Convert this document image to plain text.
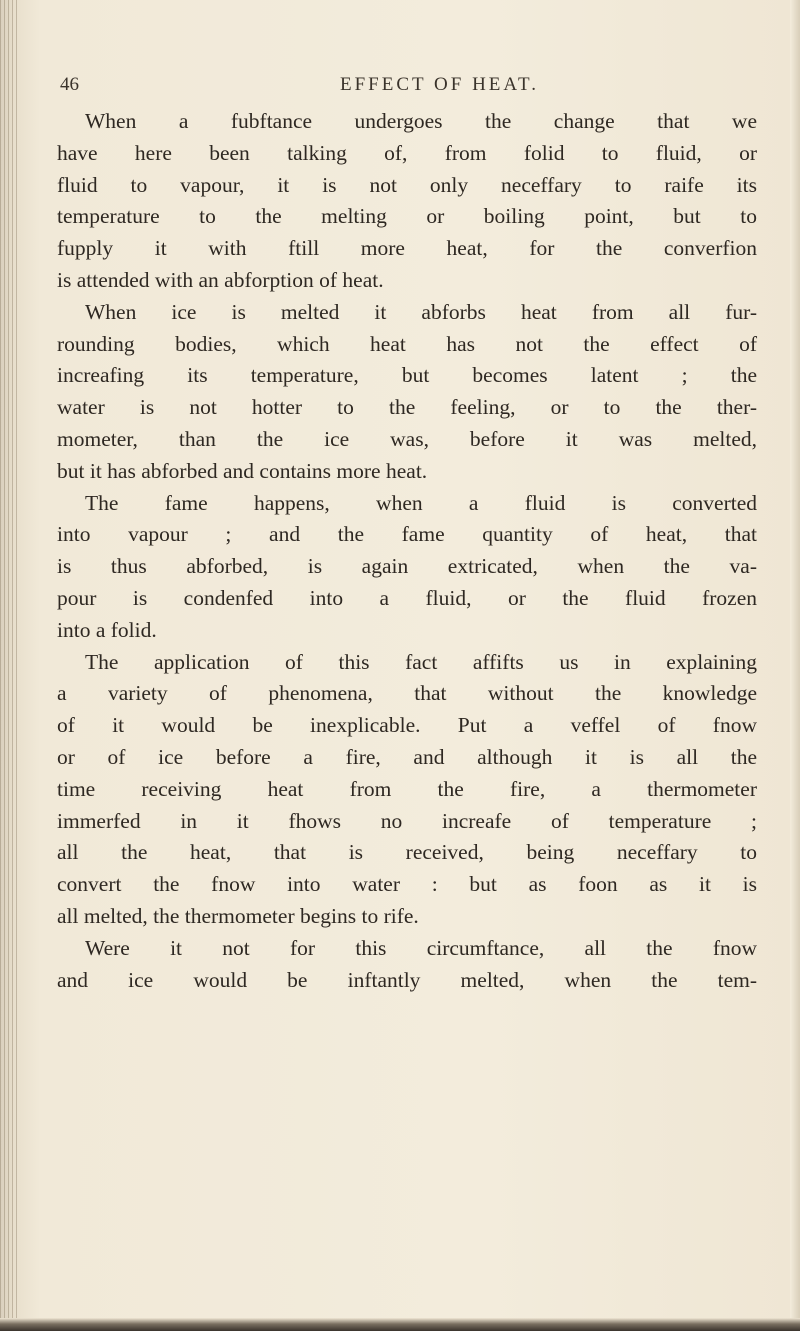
46	EFFECT OF HEAT.
When a fubftance undergoes the change that we
have here been talking of, from folid to fluid, or
fluid to vapour, it is not only neceffary to raife its
temperature to the melting or boiling point, but to
fupply it with ftill more heat, for the converfion
is attended with an abforption of heat.
When ice is melted it abforbs heat from all fur-
rounding bodies, which heat has not the effect of
increafing its temperature, but becomes latent ; the
water is not hotter to the feeling, or to the ther-
mometer, than the ice was, before it was melted,
but it has abforbed and contains more heat.
The fame happens, when a fluid is converted
into vapour ; and the fame quantity of heat, that
is thus abforbed, is again extricated, when the va-
pour is condenfed into a fluid, or the fluid frozen
into a folid.
The application of this fact affifts us in explaining
a variety of phenomena, that without the knowledge
of it would be inexplicable. Put a veffel of fnow
or of ice before a fire, and although it is all the
time receiving heat from the fire, a thermometer
immerfed in it fhows no increafe of temperature ;
all the heat, that is received, being neceffary to
convert the fnow into water : but as foon as it is
all melted, the thermometer begins to rife.
Were it not for this circumftance, all the fnow
and ice would be inftantly melted, when the tem-
